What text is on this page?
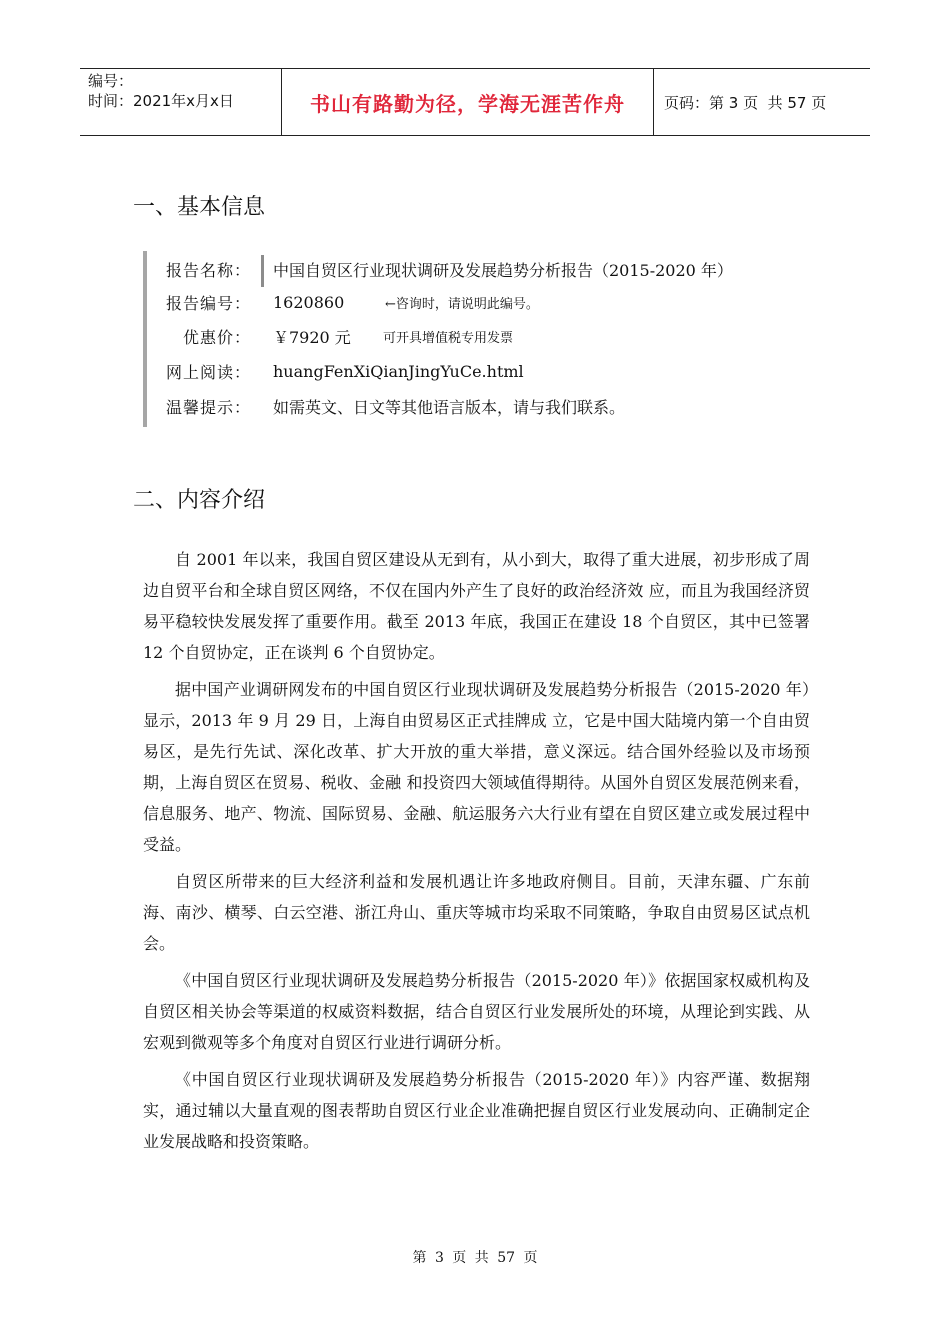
编号：
时间：2021年x月x日	书山有路勤为径，学海无涯苦作舟	页码：第 3 页  共 57 页
一、基本信息
报告名称：	中国自贸区行业现状调研及发展趋势分析报告（2015-2020 年）
报告编号：	1620860	←咨询时，请说明此编号。
优惠价：	￥7920 元 可开具增值税专用发票
网上阅读：	huangFenXiQianJingYuCe.html
温馨提示：	如需英文、日文等其他语言版本，请与我们联系。
二、内容介绍

自 2001 年以来，我国自贸区建设从无到有，从小到大，取得了重大进展，初步形成了周边自贸平台和全球自贸区网络，不仅在国内外产生了良好的政治经济效 应，而且为我国经济贸易平稳较快发展发挥了重要作用。截至 2013 年底，我国正在建设 18 个自贸区，其中已签署 12 个自贸协定，正在谈判 6 个自贸协定。

据中国产业调研网发布的中国自贸区行业现状调研及发展趋势分析报告（2015-2020 年）显示，2013 年 9 月 29 日，上海自由贸易区正式挂牌成 立，它是中国大陆境内第一个自由贸易区，是先行先试、深化改革、扩大开放的重大举措，意义深远。结合国外经验以及市场预期，上海自贸区在贸易、税收、金融 和投资四大领域值得期待。从国外自贸区发展范例来看，信息服务、地产、物流、国际贸易、金融、航运服务六大行业有望在自贸区建立或发展过程中受益。

自贸区所带来的巨大经济利益和发展机遇让许多地政府侧目。目前，天津东疆、广东前海、南沙、横琴、白云空港、浙江舟山、重庆等城市均采取不同策略，争取自由贸易区试点机会。

《中国自贸区行业现状调研及发展趋势分析报告（2015-2020 年）》依据国家权威机构及自贸区相关协会等渠道的权威资料数据，结合自贸区行业发展所处的环境，从理论到实践、从宏观到微观等多个角度对自贸区行业进行调研分析。

《中国自贸区行业现状调研及发展趋势分析报告（2015-2020 年）》内容严谨、数据翔实，通过辅以大量直观的图表帮助自贸区行业企业准确把握自贸区行业发展动向、正确制定企业发展战略和投资策略。

第 3 页 共 57 页
